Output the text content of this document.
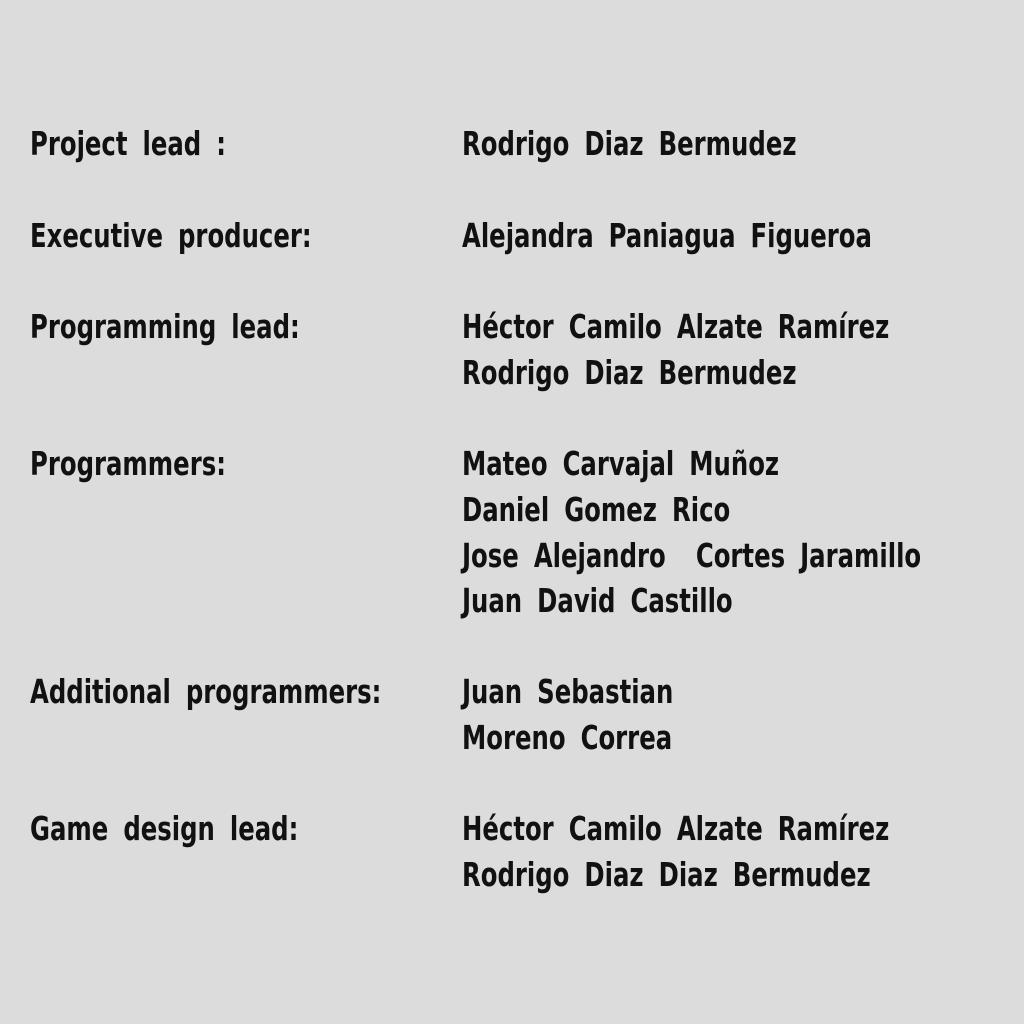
Project lead :	Rodrigo Diaz Bermudez
Executive producer:	Alejandra Paniagua Figueroa
Programming lead:	Héctor Camilo Alzate Ramírez
Rodrigo Diaz Bermudez
Programmers:	Mateo Carvajal Muñoz
Daniel Gomez Rico
Jose Alejandro  Cortes Jaramillo
Juan David Castillo
Additional programmers: Juan Sebastian
Moreno Correa
Game design lead:	Héctor Camilo Alzate Ramírez
Rodrigo Diaz Diaz Bermudez
